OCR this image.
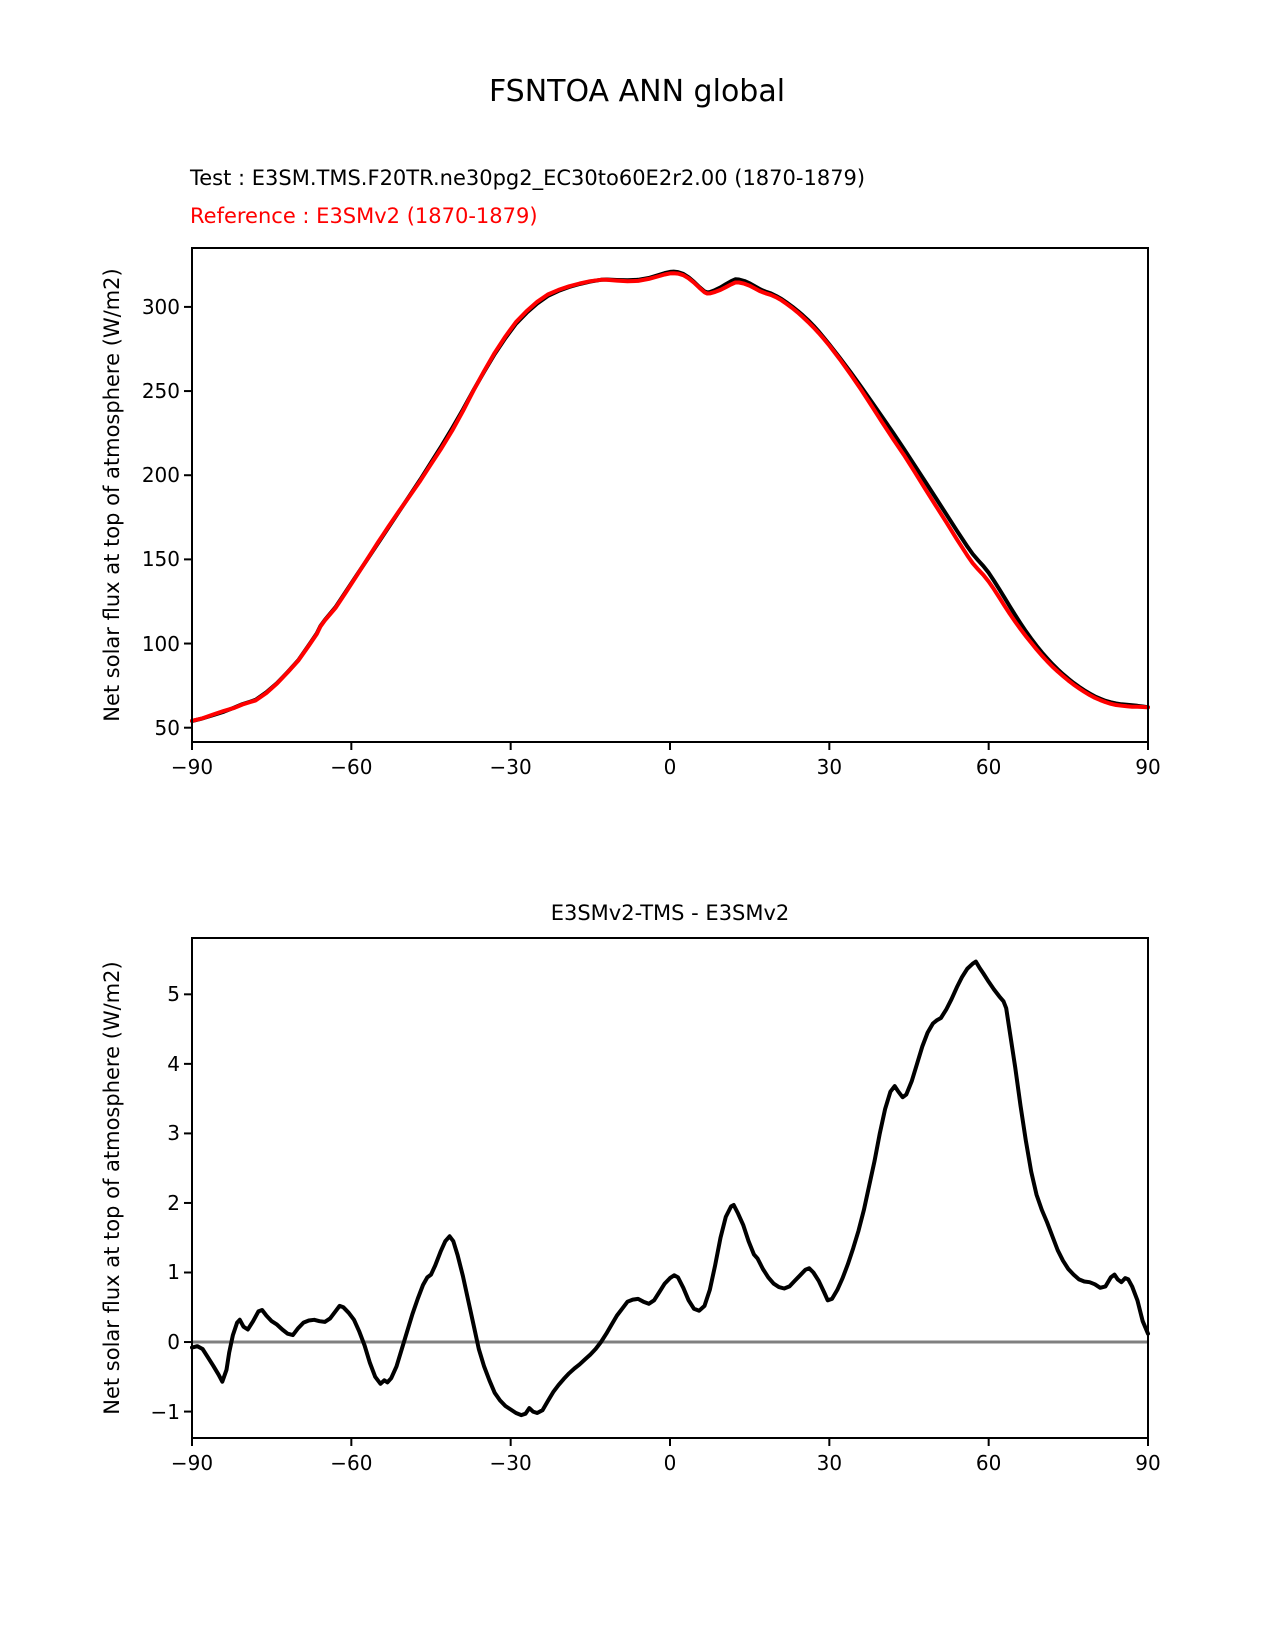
FSNTOA ANN global
Test : E3SM.TMS.F20TR.ne30pg2_EC30to60E2r2.00 (1870-1879)
Reference : E3SMv2 (1870-1879)
Net solar flux at top of atmosphere (W/m2)
−90	−60	−30	0	30	60	90
50
100
150
200
250
300
E3SMv2-TMS - E3SMv2
Net solar flux at top of atmosphere (W/m2)
−90	−60	−30	0	30	60	90
−1
0
1
2
3
4
5
